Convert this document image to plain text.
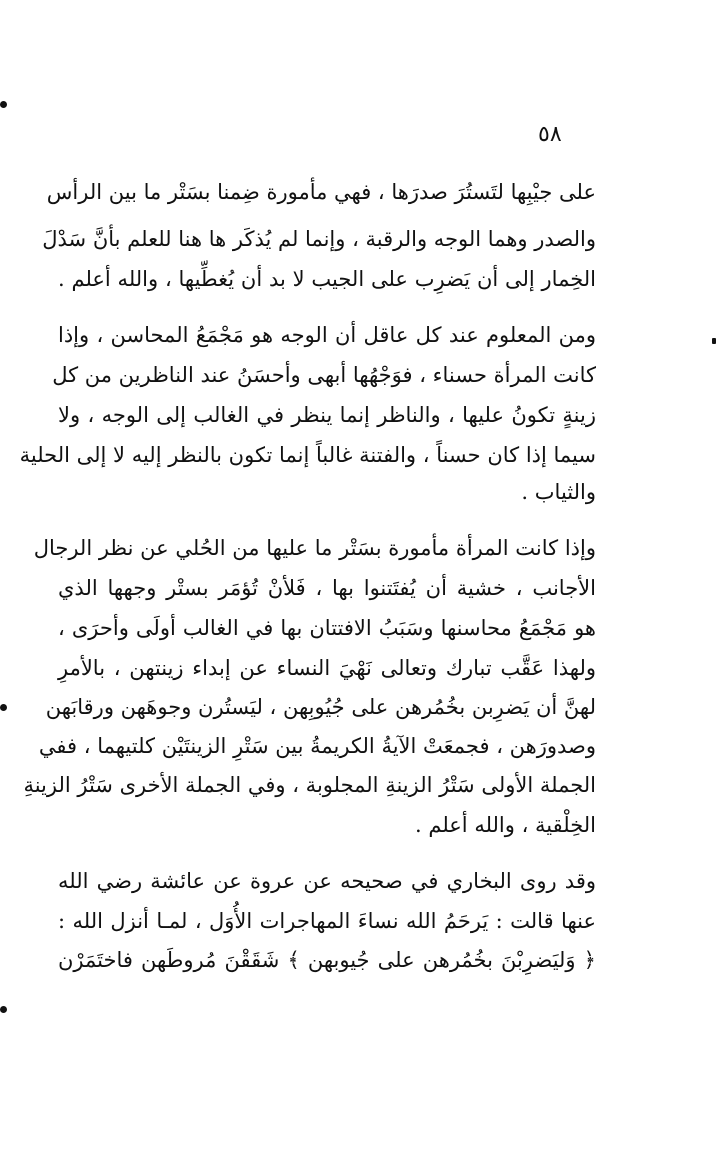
٥٨
على جيْبِها لتَستُرَ صدرَها ، فهي مأمورة ضِمنا بسَتْر ما بين الرأس
والصدر وهما الوجه والرقبة ، وإنما لم يُذكَر ها هنا للعلم بأنَّ سَدْلَ
الخِمار إلى أن يَضرِب على الجيب لا بد أن يُغطِّيها ، والله أعلم .
ومن المعلوم عند كل عاقل أن الوجه هو مَجْمَعُ المحاسن ، وإذا
كانت المرأة حسناء ، فوَجْهُها أبهى وأحسَنُ عند الناظرين من كل
زينةٍ تكونُ عليها ، والناظر إنما ينظر في الغالب إلى الوجه ، ولا
سيما إذا كان حسناً ، والفتنة غالباً إنما تكون بالنظر إليه لا إلى الحلية
والثياب .
وإذا كانت المرأة مأمورة بسَتْر ما عليها من الحُلي عن نظر الرجال
الأجانب ، خشية أن يُفتَتنوا بها ، فَلأنْ تُؤمَر بستْر وجهها الذي
هو مَجْمَعُ محاسنها وسَبَبُ الافتتان بها في الغالب أولَى وأحرَى ،
ولهذا عَقَّب تبارك وتعالى نَهْيَ النساء عن إبداء زينتهن ، بالأمرِ
لهنَّ أن يَضرِبن بخُمُرهن على جُيُوبِهن ، ليَستُرن وجوهَهن ورقابَهن
وصدورَهن ، فجمعَتْ الآيةُ الكريمةُ بين سَتْرِ الزينتَيْن كلتيهما ، ففي
الجملة الأولى سَتْرُ الزينةِ المجلوبة ، وفي الجملة الأخرى سَتْرُ الزينةِ
الخِلْقية ، والله أعلم .
وقد روى البخاري في صحيحه عن عروة عن عائشة رضي الله
عنها قالت : يَرحَمُ الله نساءَ المهاجرات الأُوَل ، لمـا أنزل الله :
﴿ وَليَضرِبْنَ بخُمُرهن على جُيوبهن ﴾ شَقَقْنَ مُروطَهن فاختَمَرْن
